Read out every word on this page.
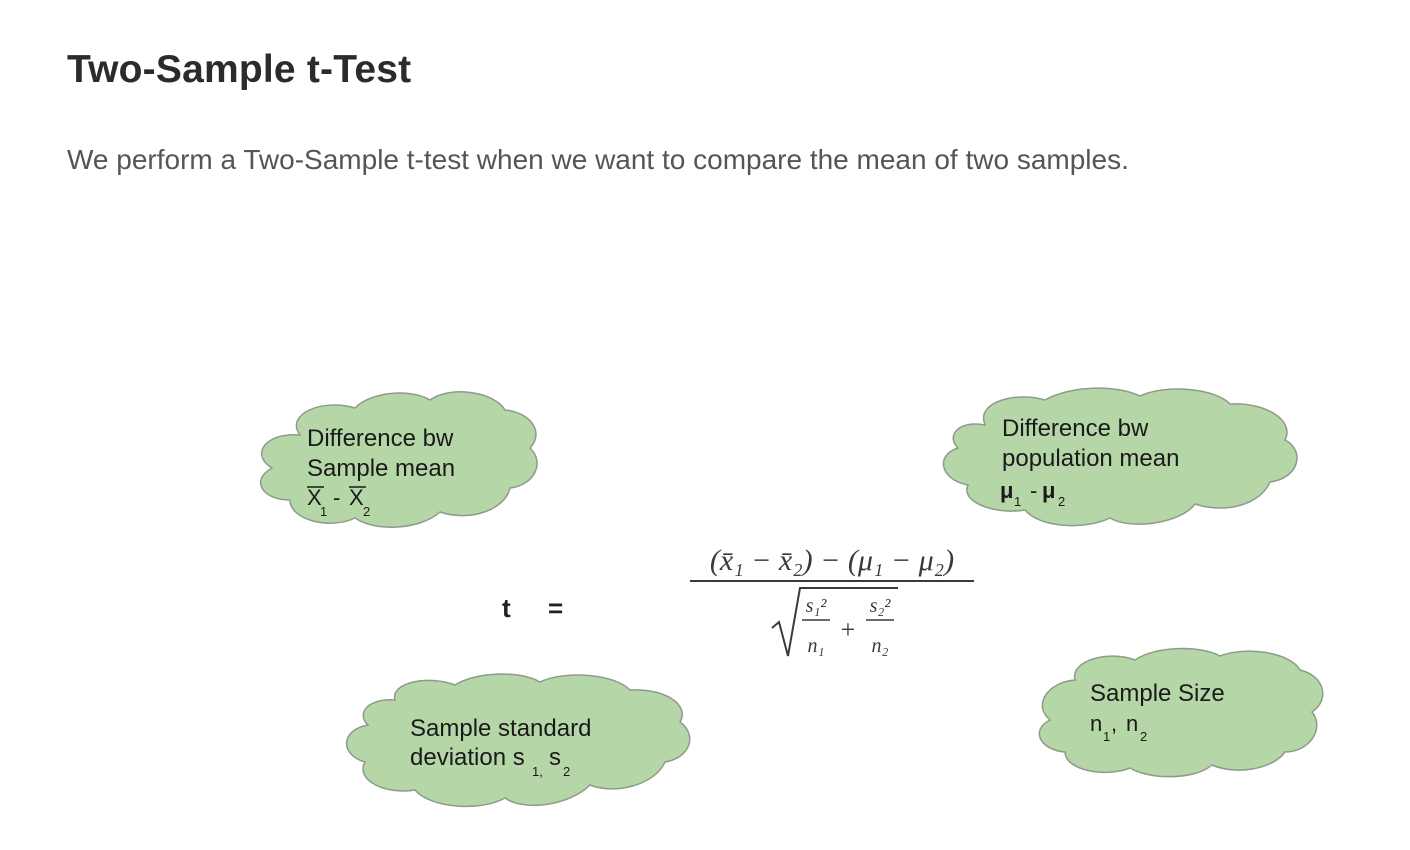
Two-Sample t-Test

We perform a Two-Sample t-test when we want to compare the mean of two samples.

Difference bw
Sample mean
X
1
- X
2
Difference bw
population mean
μ 1 - μ 2
Sample standard
deviation s
1,
s
2
Sample Size
n
1
, n
2
t =
(x̄₁ − x̄₂) − (μ₁ − μ₂)
s₁²
n₁
+
s₂²
n₂
